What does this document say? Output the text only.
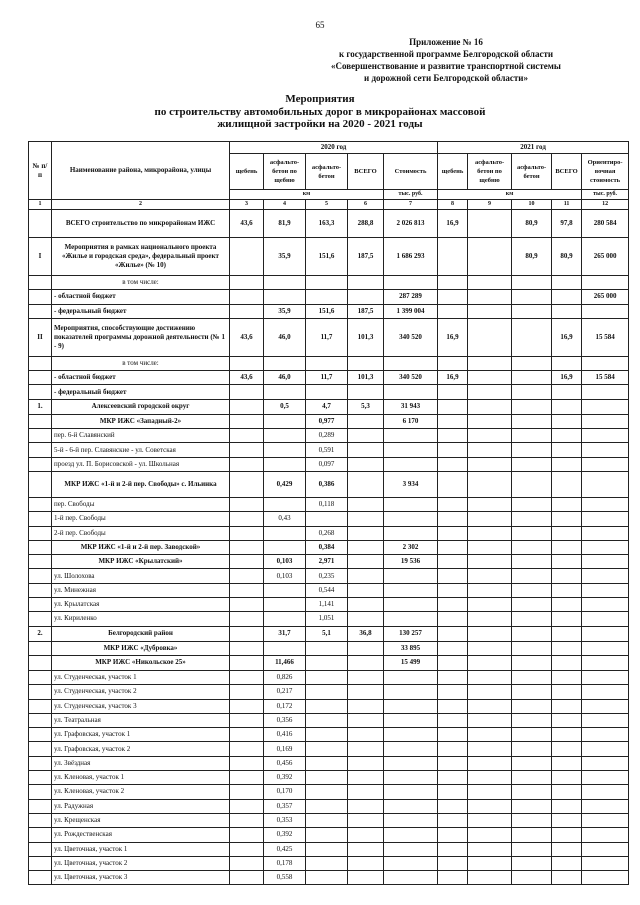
65
Приложение № 16
к государственной программе Белгородской области
«Совершенствование и развитие транспортной системы
и дорожной сети Белгородской области»
Мероприятия
по строительству автомобильных дорог в микрорайонах массовой
жилищной застройки на 2020 - 2021 годы
№ п/п	Наименование района, микрорайона, улицы	2020 год					2021 год				
		щебень	асфальто-бетон по щебню	асфальто-бетон	ВСЕГО	Стоимость	щебень	асфальто-бетон по щебню	асфальто-бетон	ВСЕГО	Ориентиро-вочная стоимость
		км				тыс. руб.	км				тыс. руб.
1	2	3	4	5	6	7	8	9	10	11	12
	ВСЕГО строительство по микрорайонам ИЖС	43,6	81,9	163,3	288,8	2 026 813	16,9		80,9	97,8	280 584
I	Мероприятия в рамках национального проекта «Жилье и городская среда», федеральный проект «Жилье» (№ 10)		35,9	151,6	187,5	1 686 293			80,9	80,9	265 000
	в том числе:										
	- областной бюджет					287 289					265 000
	- федеральный бюджет		35,9	151,6	187,5	1 399 004					
II	Мероприятия, способствующие достижению показателей программы дорожной деятельности (№ 1 - 9)	43,6	46,0	11,7	101,3	340 520	16,9			16,9	15 584
	в том числе:										
	- областной бюджет	43,6	46,0	11,7	101,3	340 520	16,9			16,9	15 584
	- федеральный бюджет										
1.	Алексеевский городской округ		0,5	4,7	5,3	31 943					
	МКР ИЖС «Западный-2»			0,977		6 170					
	пер. 6-й Славянский			0,289							
	5-й - 6-й пер. Славянские - ул. Советская			0,591							
	проезд ул. П. Борисовской - ул. Школьная			0,097							
	МКР ИЖС «1-й и 2-й пер. Свободы» с. Ильинка		0,429	0,386		3 934					
	пер. Свободы			0,118							
	1-й пер. Свободы		0,43								
	2-й пер. Свободы			0,268							
	МКР ИЖС «1-й и 2-й пер. Заводской»			0,384		2 302					
	МКР ИЖС «Крылатский»		0,103	2,971		19 536					
	ул. Шолохова		0,103	0,235							
	ул. Минежная			0,544							
	ул. Крылатская			1,141							
	ул. Кириленко			1,051							
2.	Белгородский район		31,7	5,1	36,8	130 257					
	МКР ИЖС «Дубровка»					33 895					
	МКР ИЖС «Никольское 25»		11,466			15 499					
	ул. Студенческая, участок 1		0,826								
	ул. Студенческая, участок 2		0,217								
	ул. Студенческая, участок 3		0,172								
	ул. Театральная		0,356								
	ул. Графовская, участок 1		0,416								
	ул. Графовская, участок 2		0,169								
	ул. Звёздная		0,456								
	ул. Кленовая, участок 1		0,392								
	ул. Кленовая, участок 2		0,170								
	ул. Радужная		0,357								
	ул. Крещенская		0,353								
	ул. Рождественская		0,392								
	ул. Цветочная, участок 1		0,425								
	ул. Цветочная, участок 2		0,178								
	ул. Цветочная, участок 3		0,558								
